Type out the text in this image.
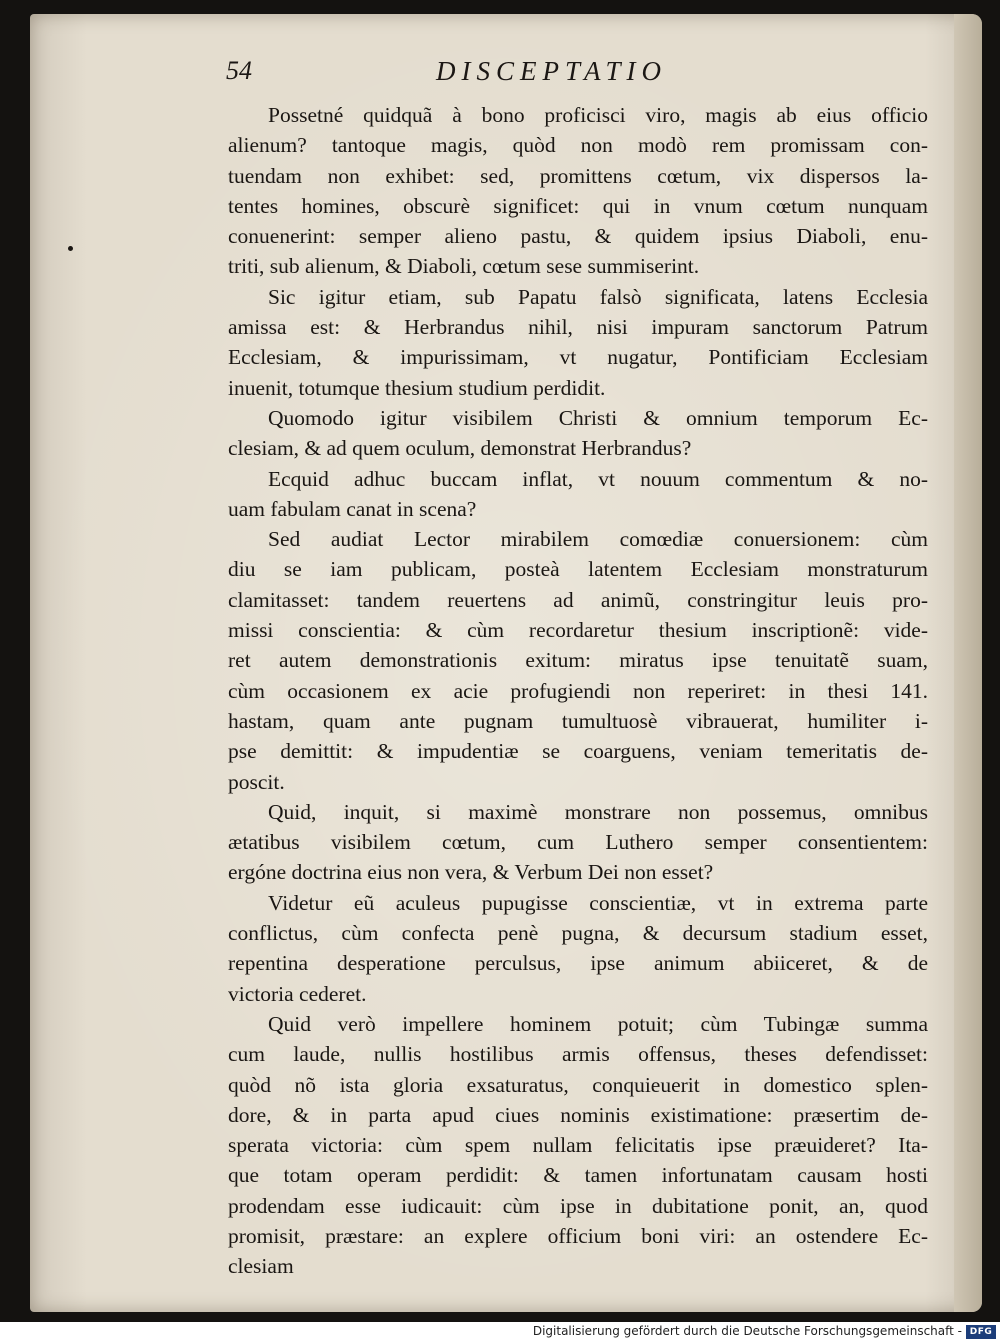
54	DISCEPTATIO
Possetné quidquã à bono proficisci viro, magis ab eius officio
alienum? tantoque magis, quòd non modò rem promissam con-
tuendam non exhibet: sed, promittens cœtum, vix dispersos la-
tentes homines, obscurè significet: qui in vnum cœtum nunquam
conuenerint: semper alieno pastu, & quidem ipsius Diaboli, enu-
triti, sub alienum, & Diaboli, cœtum sese summiserint.
Sic igitur etiam, sub Papatu falsò significata, latens Ecclesia
amissa est: & Herbrandus nihil, nisi impuram sanctorum Patrum
Ecclesiam, & impurissimam, vt nugatur, Pontificiam Ecclesiam
inuenit, totumque thesium studium perdidit.
Quomodo igitur visibilem Christi & omnium temporum Ec-
clesiam, & ad quem oculum, demonstrat Herbrandus?
Ecquid adhuc buccam inflat, vt nouum commentum & no-
uam fabulam canat in scena?
Sed audiat Lector mirabilem comœdiæ conuersionem: cùm
diu se iam publicam, posteà latentem Ecclesiam monstraturum
clamitasset: tandem reuertens ad animũ, constringitur leuis pro-
missi conscientia: & cùm recordaretur thesium inscriptionẽ: vide-
ret autem demonstrationis exitum: miratus ipse tenuitatẽ suam,
cùm occasionem ex acie profugiendi non reperiret: in thesi 141.
hastam, quam ante pugnam tumultuosè vibrauerat, humiliter i-
pse demittit: & impudentiæ se coarguens, veniam temeritatis de-
poscit.
Quid, inquit, si maximè monstrare non possemus, omnibus
ætatibus visibilem cœtum, cum Luthero semper consentientem:
ergóne doctrina eius non vera, & Verbum Dei non esset?
Videtur eũ aculeus pupugisse conscientiæ, vt in extrema parte
conflictus, cùm confecta penè pugna, & decursum stadium esset,
repentina desperatione perculsus, ipse animum abiiceret, & de
victoria cederet.
Quid verò impellere hominem potuit; cùm Tubingæ summa
cum laude, nullis hostilibus armis offensus, theses defendisset:
quòd nõ ista gloria exsaturatus, conquieuerit in domestico splen-
dore, & in parta apud ciues nominis existimatione: præsertim de-
sperata victoria: cùm spem nullam felicitatis ipse præuideret? Ita-
que totam operam perdidit: & tamen infortunatam causam hosti
prodendam esse iudicauit: cùm ipse in dubitatione ponit, an, quod
promisit, præstare: an explere officium boni viri: an ostendere Ec-
clesiam
Digitalisierung gefördert durch die Deutsche Forschungsgemeinschaft - DFG
